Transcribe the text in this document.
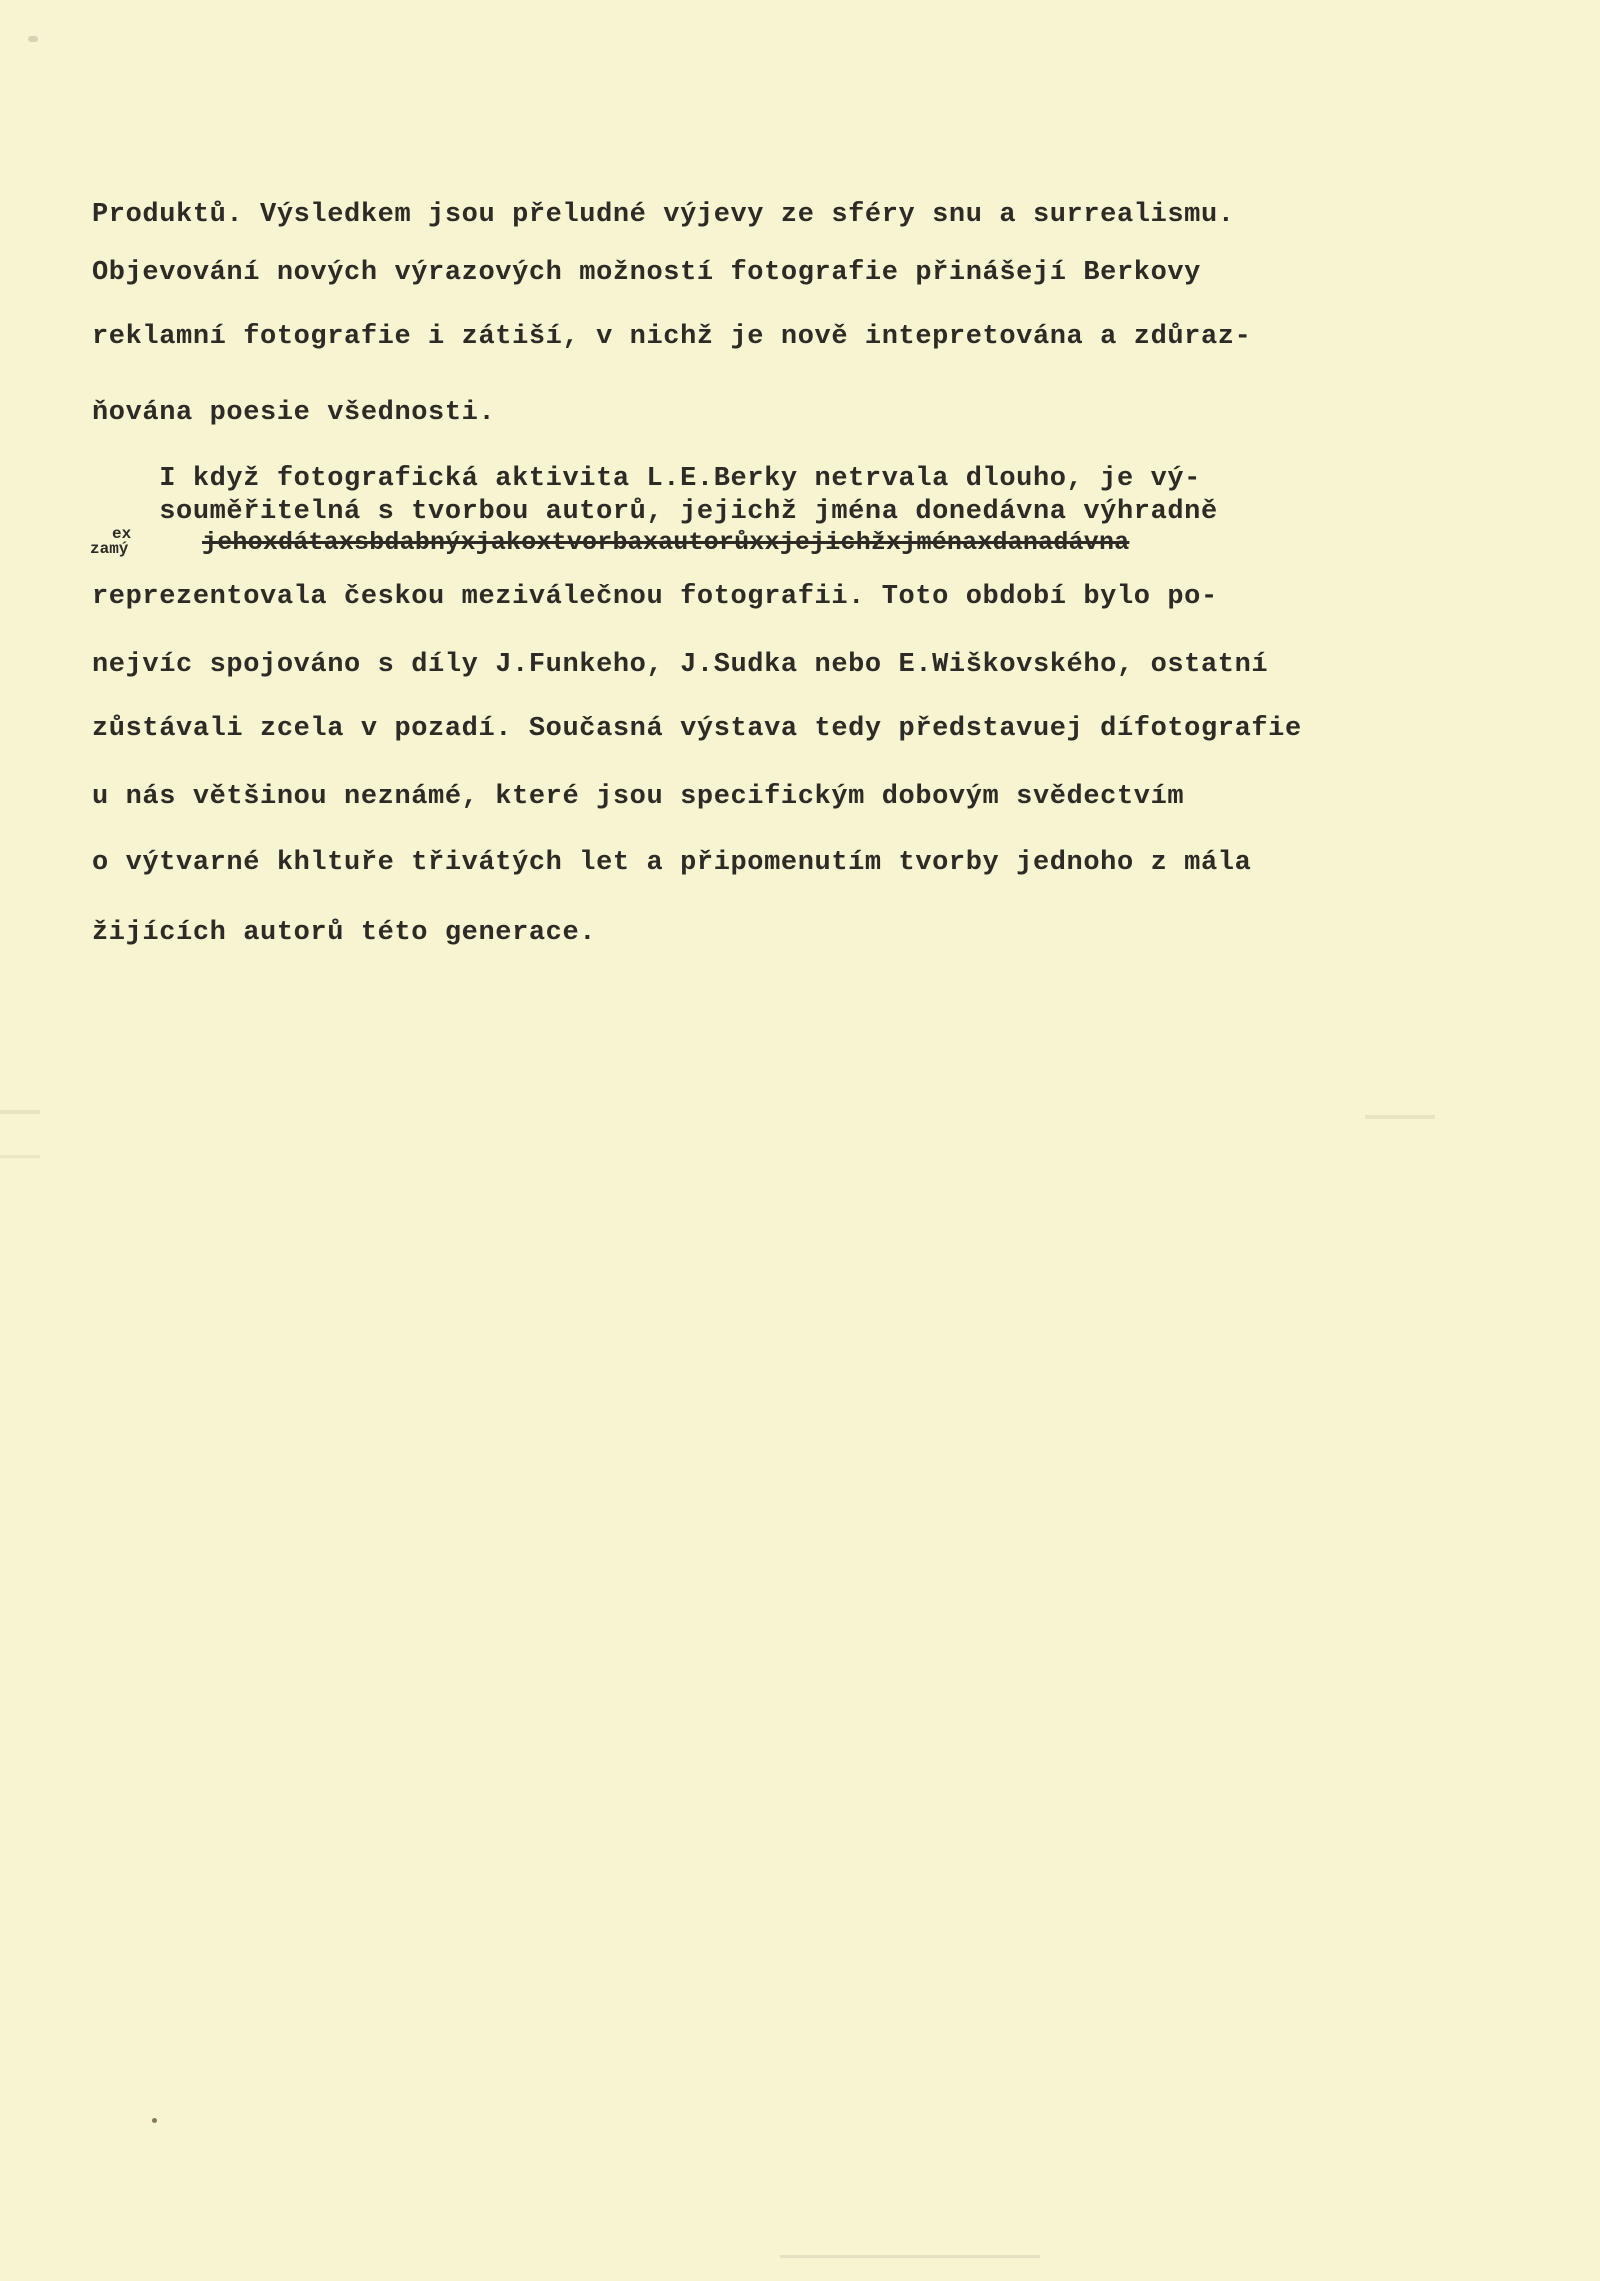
Produktů. Výsledkem jsou přeludné výjevy ze sféry snu a surrealismu.
Objevování nových výrazových možností fotografie přinášejí Berkovy
reklamní fotografie i zátiší, v nichž je nově intepretována a zdůraz-
ňována poesie všednosti.
I když fotografická aktivita L.E.Berky netrvala dlouho, je vý-
souměřitelná s tvorbou autorů, jejichž jména donedávna výhradně
ex
zamý	jehoxdátaxsbdabnýxjakoxtvorbaxautorůxxjejichžxjménaxdanadávna
reprezentovala českou meziválečnou fotografii. Toto období bylo po-
nejvíc spojováno s díly J.Funkeho, J.Sudka nebo E.Wiškovského, ostatní
zůstávali zcela v pozadí. Současná výstava tedy představuej dífotografie
u nás většinou neznámé, které jsou specifickým dobovým svědectvím
o výtvarné khltuře třivátých let a připomenutím tvorby jednoho z mála
žijících autorů této generace.
